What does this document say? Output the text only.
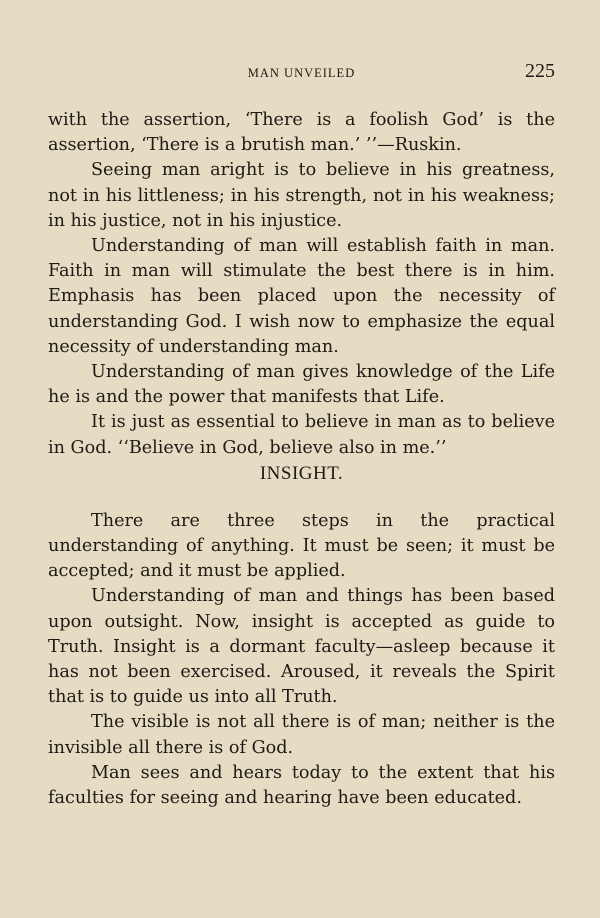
MAN UNVEILED	225

with the assertion, ‘There is a foolish God’ is the assertion, ‘There is a brutish man.’ ’’—Ruskin.

Seeing man aright is to believe in his greatness, not in his littleness; in his strength, not in his weakness; in his justice, not in his injustice.

Understanding of man will establish faith in man. Faith in man will stimulate the best there is in him. Emphasis has been placed upon the necessity of understanding God. I wish now to emphasize the equal necessity of understanding man.

Understanding of man gives knowledge of the Life he is and the power that manifests that Life.

It is just as essential to believe in man as to believe in God. ‘‘Believe in God, believe also in me.’’

INSIGHT.

There are three steps in the practical understanding of anything. It must be seen; it must be accepted; and it must be applied.

Understanding of man and things has been based upon outsight. Now, insight is accepted as guide to Truth. Insight is a dormant faculty—asleep because it has not been exercised. Aroused, it reveals the Spirit that is to guide us into all Truth.

The visible is not all there is of man; neither is the invisible all there is of God.

Man sees and hears today to the extent that his faculties for seeing and hearing have been educated.
